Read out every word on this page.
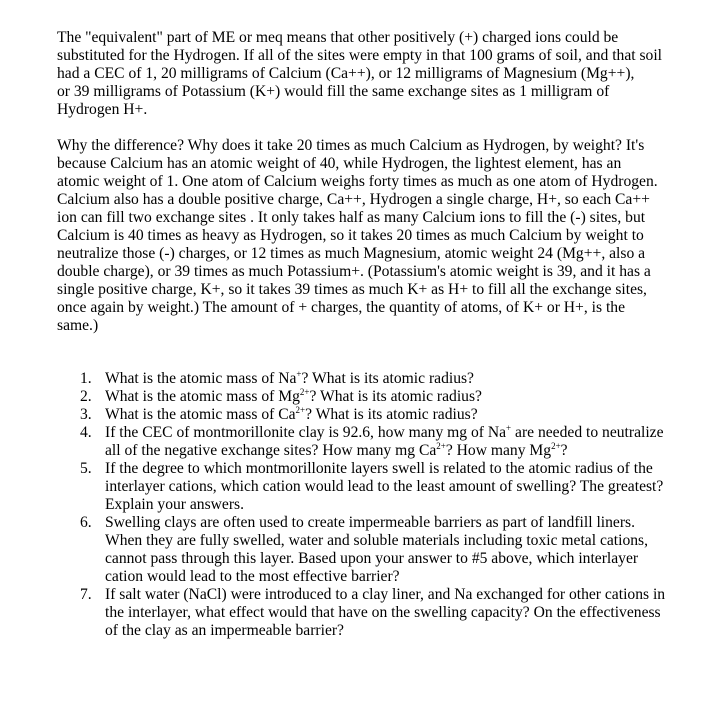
The "equivalent" part of ME or meq means that other positively (+) charged ions could be
substituted for the Hydrogen. If all of the sites were empty in that 100 grams of soil, and that soil
had a CEC of 1, 20 milligrams of Calcium (Ca++), or 12 milligrams of Magnesium (Mg++),
or 39 milligrams of Potassium (K+) would fill the same exchange sites as 1 milligram of
Hydrogen H+.
Why the difference? Why does it take 20 times as much Calcium as Hydrogen, by weight? It's
because Calcium has an atomic weight of 40, while Hydrogen, the lightest element, has an
atomic weight of 1. One atom of Calcium weighs forty times as much as one atom of Hydrogen.
Calcium also has a double positive charge, Ca++, Hydrogen a single charge, H+, so each Ca++
ion can fill two exchange sites . It only takes half as many Calcium ions to fill the (-) sites, but
Calcium is 40 times as heavy as Hydrogen, so it takes 20 times as much Calcium by weight to
neutralize those (-) charges, or 12 times as much Magnesium, atomic weight 24 (Mg++, also a
double charge), or 39 times as much Potassium+. (Potassium's atomic weight is 39, and it has a
single positive charge, K+, so it takes 39 times as much K+ as H+ to fill all the exchange sites,
once again by weight.) The amount of + charges, the quantity of atoms, of K+ or H+, is the
same.)
1. What is the atomic mass of Na+? What is its atomic radius?
2. What is the atomic mass of $Mg^{2+}$? What is its atomic radius?
3. What is the atomic mass of $Ca^{2+}$? What is its atomic radius?
4. If the CEC of montmorillonite clay is 92.6, how many mg of Na+ are needed to neutralize
all of the negative exchange sites? How many mg $Ca^{2+}$? How many $Mg^{2+}$?
5. If the degree to which montmorillonite layers swell is related to the atomic radius of the
interlayer cations, which cation would lead to the least amount of swelling? The greatest?
Explain your answers.
6. Swelling clays are often used to create impermeable barriers as part of landfill liners.
When they are fully swelled, water and soluble materials including toxic metal cations,
cannot pass through this layer. Based upon your answer to #5 above, which interlayer
cation would lead to the most effective barrier?
7. If salt water (NaCl) were introduced to a clay liner, and Na exchanged for other cations in
the interlayer, what effect would that have on the swelling capacity? On the effectiveness
of the clay as an impermeable barrier?
